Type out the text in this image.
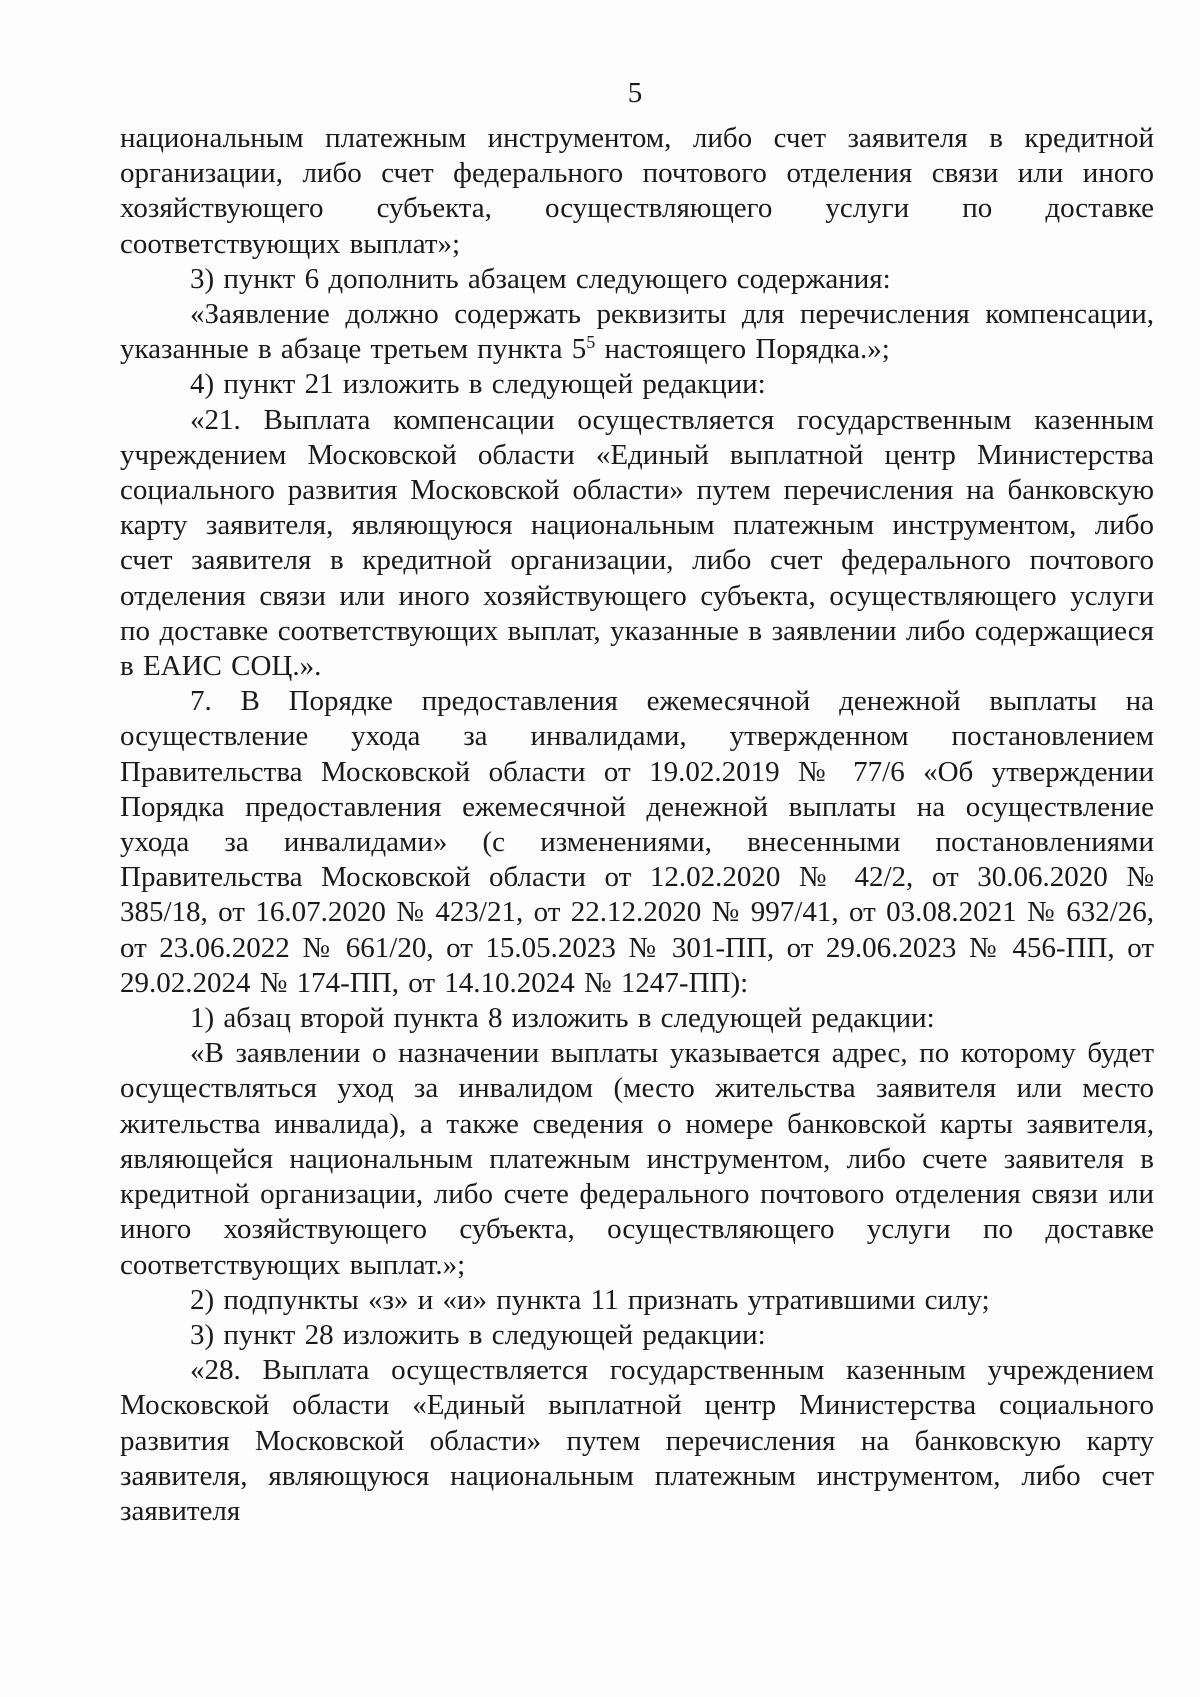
5

национальным платежным инструментом, либо счет заявителя в кредитной организации, либо счет федерального почтового отделения связи или иного хозяйствующего субъекта, осуществляющего услуги по доставке соответствующих выплат»;

3) пункт 6 дополнить абзацем следующего содержания:

«Заявление должно содержать реквизиты для перечисления компенсации, указанные в абзаце третьем пункта $5^5$ настоящего Порядка.»;

4) пункт 21 изложить в следующей редакции:

«21. Выплата компенсации осуществляется государственным казенным учреждением Московской области «Единый выплатной центр Министерства социального развития Московской области» путем перечисления на банковскую карту заявителя, являющуюся национальным платежным инструментом, либо счет заявителя в кредитной организации, либо счет федерального почтового отделения связи или иного хозяйствующего субъекта, осуществляющего услуги по доставке соответствующих выплат, указанные в заявлении либо содержащиеся в ЕАИС СОЦ.».

7. В Порядке предоставления ежемесячной денежной выплаты на осуществление ухода за инвалидами, утвержденном постановлением Правительства Московской области от 19.02.2019 № 77/6 «Об утверждении Порядка предоставления ежемесячной денежной выплаты на осуществление ухода за инвалидами» (с изменениями, внесенными постановлениями Правительства Московской области от 12.02.2020 № 42/2, от 30.06.2020 № 385/18, от 16.07.2020 № 423/21, от 22.12.2020 № 997/41, от 03.08.2021 № 632/26, от 23.06.2022 № 661/20, от 15.05.2023 № 301-ПП, от 29.06.2023 № 456-ПП, от 29.02.2024 № 174-ПП, от 14.10.2024 № 1247-ПП):

1) абзац второй пункта 8 изложить в следующей редакции:

«В заявлении о назначении выплаты указывается адрес, по которому будет осуществляться уход за инвалидом (место жительства заявителя или место жительства инвалида), а также сведения о номере банковской карты заявителя, являющейся национальным платежным инструментом, либо счете заявителя в кредитной организации, либо счете федерального почтового отделения связи или иного хозяйствующего субъекта, осуществляющего услуги по доставке соответствующих выплат.»;

2) подпункты «з» и «и» пункта 11 признать утратившими силу;

3) пункт 28 изложить в следующей редакции:

«28. Выплата осуществляется государственным казенным учреждением Московской области «Единый выплатной центр Министерства социального развития Московской области» путем перечисления на банковскую карту заявителя, являющуюся национальным платежным инструментом, либо счет заявителя
